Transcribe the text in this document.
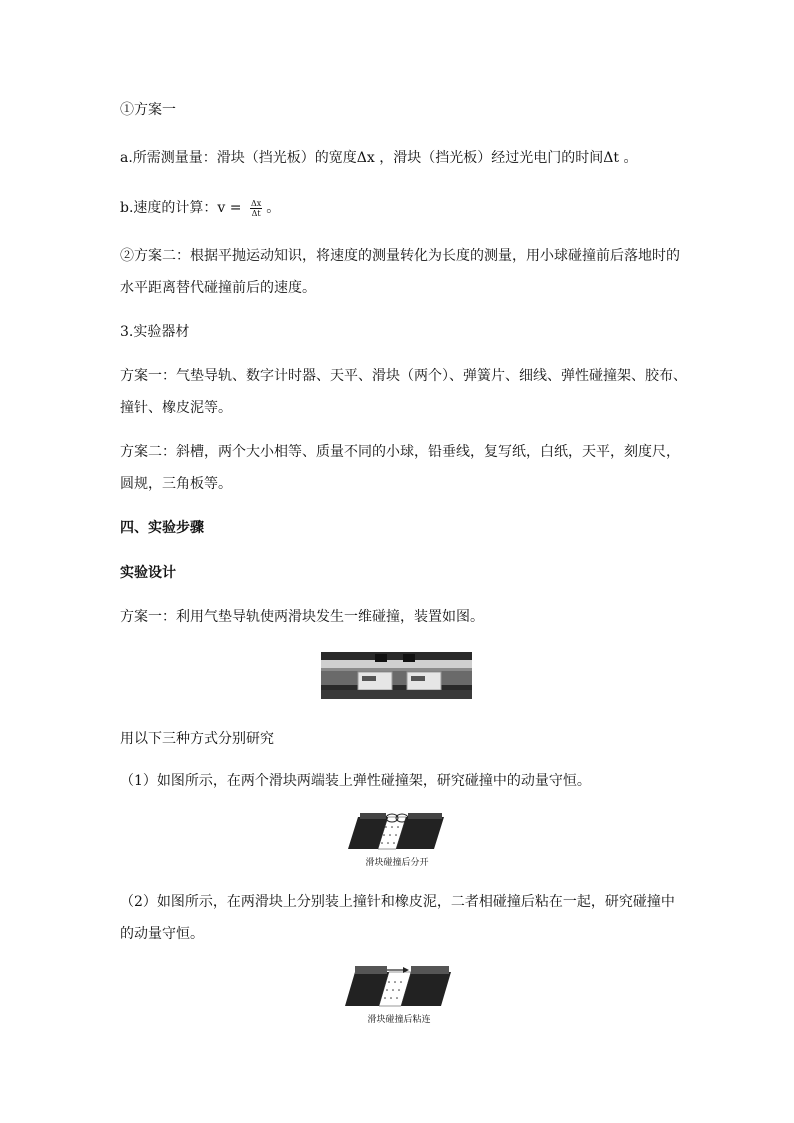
①方案一
a.所需测量量：滑块（挡光板）的宽度Δx ，滑块（挡光板）经过光电门的时间Δt 。
b.速度的计算：$v = \frac{\Delta x}{\Delta t}$ 。
②方案二：根据平抛运动知识，将速度的测量转化为长度的测量，用小球碰撞前后落地时的
水平距离替代碰撞前后的速度。
3.实验器材
方案一：气垫导轨、数字计时器、天平、滑块（两个）、弹簧片、细线、弹性碰撞架、胶布、
撞针、橡皮泥等。
方案二：斜槽，两个大小相等、质量不同的小球，铅垂线，复写纸，白纸，天平，刻度尺，
圆规，三角板等。
四、实验步骤
实验设计
方案一：利用气垫导轨使两滑块发生一维碰撞，装置如图。
用以下三种方式分别研究
（1）如图所示，在两个滑块两端装上弹性碰撞架，研究碰撞中的动量守恒。
滑块碰撞后分开
（2）如图所示，在两滑块上分别装上撞针和橡皮泥，二者相碰撞后粘在一起，研究碰撞中
的动量守恒。
滑块碰撞后粘连
